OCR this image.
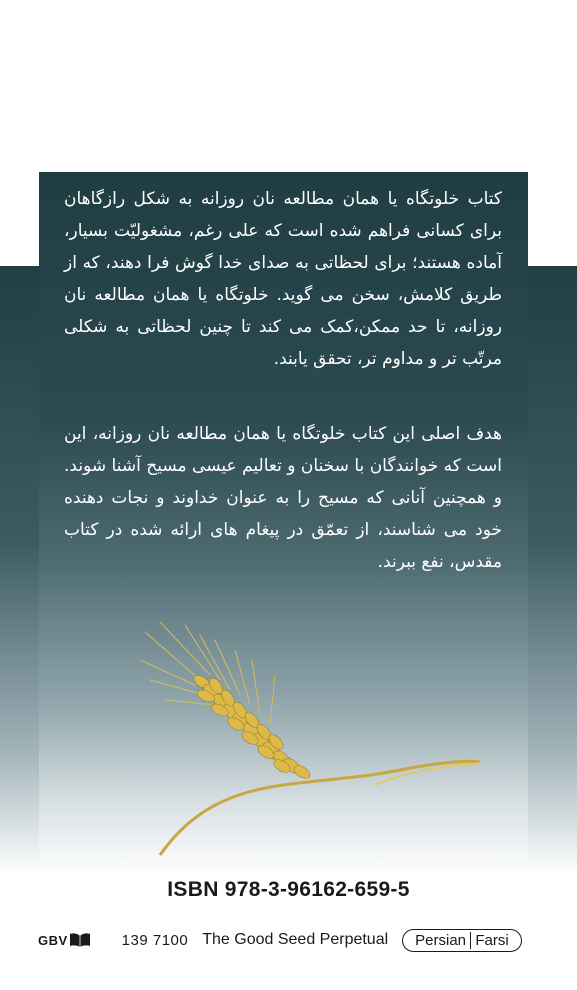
کتاب خلوتگاه یا همان مطالعه نان روزانه به شکل رازگاهان برای کسانی فراهم شده است که علی رغم، مشغولیّت بسیار، آماده هستند؛ برای لحظاتی به صدای خدا گوش فرا دهند، که از طریق کلامش، سخن می گوید. خلوتگاه یا همان مطالعه نان روزانه، تا حد ممکن،کمک می کند تا چنین لحظاتی به شکلی مرتّب تر و مداوم تر، تحقق یابند.
هدف اصلی این کتاب خلوتگاه یا همان مطالعه نان روزانه، این است که خوانندگان با سخنان و تعالیم عیسی مسیح آشنا شوند. و همچنین آنانی که مسیح را به عنوان خداوند و نجات دهنده خود می شناسند، از تعمّق در پیغام های ارائه شده در کتاب مقدس، نفع ببرند.
ISBN 978-3-96162-659-5
GBV	139 7100 The Good Seed Perpetual Persian Farsi
